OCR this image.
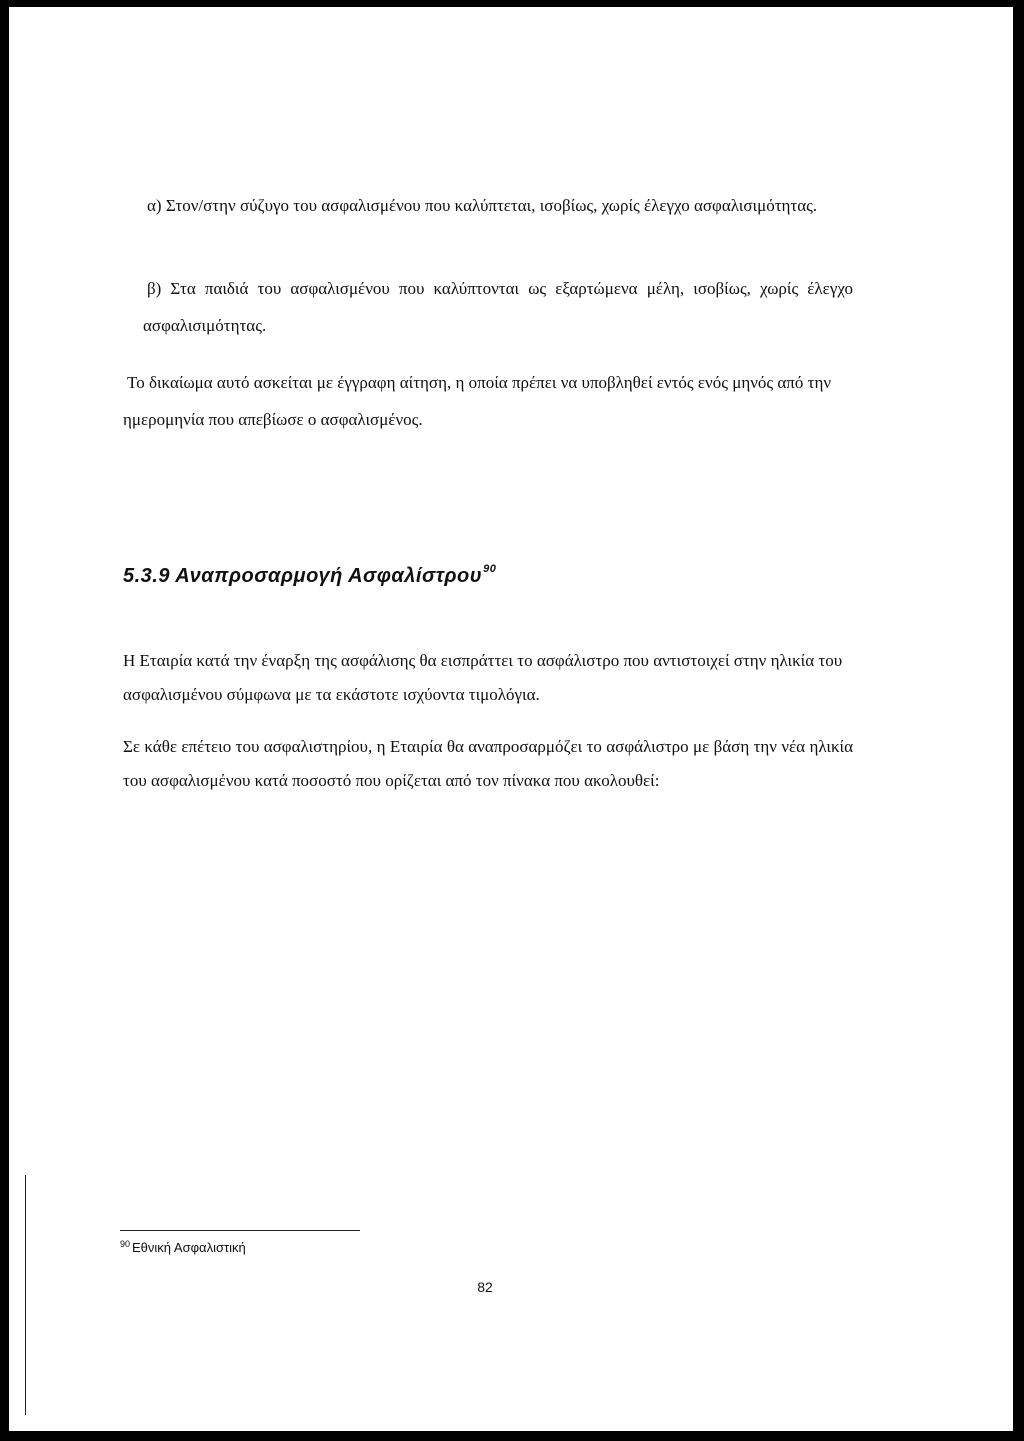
α) Στον/στην σύζυγο του ασφαλισμένου που καλύπτεται, ισοβίως, χωρίς έλεγχο ασφαλισιμότητας.

β) Στα παιδιά του ασφαλισμένου που καλύπτονται ως εξαρτώμενα μέλη, ισοβίως, χωρίς έλεγχο ασφαλισιμότητας.

Το δικαίωμα αυτό ασκείται με έγγραφη αίτηση, η οποία πρέπει να υποβληθεί εντός ενός μηνός από την ημερομηνία που απεβίωσε ο ασφαλισμένος.

5.3.9 Αναπροσαρμογή Ασφαλίστρου$^{90}$

Η Εταιρία κατά την έναρξη της ασφάλισης θα εισπράττει το ασφάλιστρο που αντιστοιχεί στην ηλικία του ασφαλισμένου σύμφωνα με τα εκάστοτε ισχύοντα τιμολόγια.

Σε κάθε επέτειο του ασφαλιστηρίου, η Εταιρία θα αναπροσαρμόζει το ασφάλιστρο με βάση την νέα ηλικία του ασφαλισμένου κατά ποσοστό που ορίζεται από τον πίνακα που ακολουθεί:

$^{90}$ Εθνική Ασφαλιστική

82
